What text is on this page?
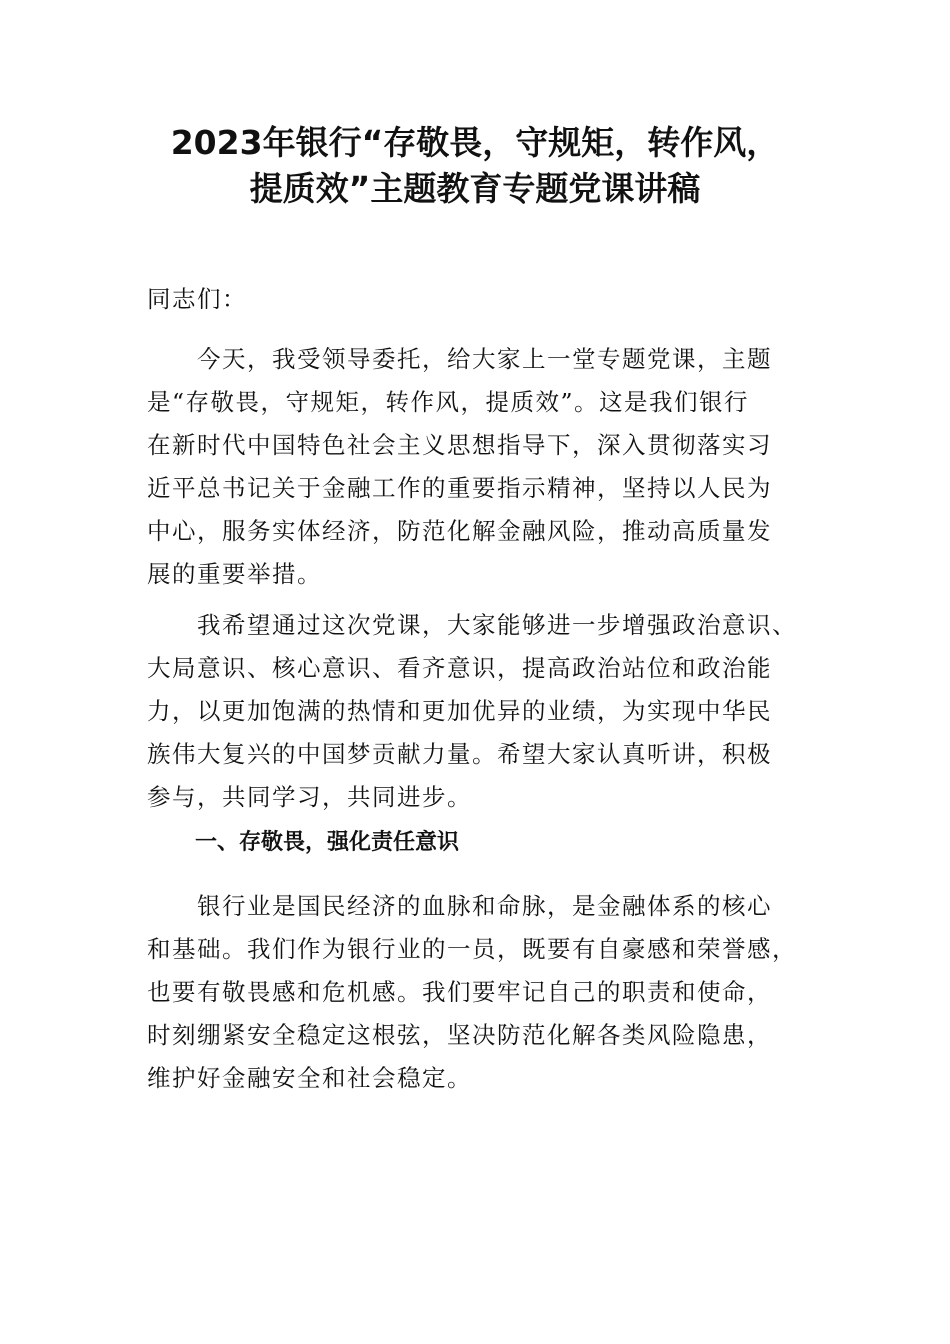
2023年银行“存敬畏，守规矩，转作风，
提质效”主题教育专题党课讲稿

同志们：

　　今天，我受领导委托，给大家上一堂专题党课，主题
是“存敬畏，守规矩，转作风，提质效”。这是我们银行
在新时代中国特色社会主义思想指导下，深入贯彻落实习
近平总书记关于金融工作的重要指示精神，坚持以人民为
中心，服务实体经济，防范化解金融风险，推动高质量发
展的重要举措。

　　我希望通过这次党课，大家能够进一步增强政治意识、
大局意识、核心意识、看齐意识，提高政治站位和政治能
力，以更加饱满的热情和更加优异的业绩，为实现中华民
族伟大复兴的中国梦贡献力量。希望大家认真听讲，积极
参与，共同学习，共同进步。

一、存敬畏，强化责任意识

　　银行业是国民经济的血脉和命脉，是金融体系的核心
和基础。我们作为银行业的一员，既要有自豪感和荣誉感，
也要有敬畏感和危机感。我们要牢记自己的职责和使命，
时刻绷紧安全稳定这根弦，坚决防范化解各类风险隐患，
维护好金融安全和社会稳定。
